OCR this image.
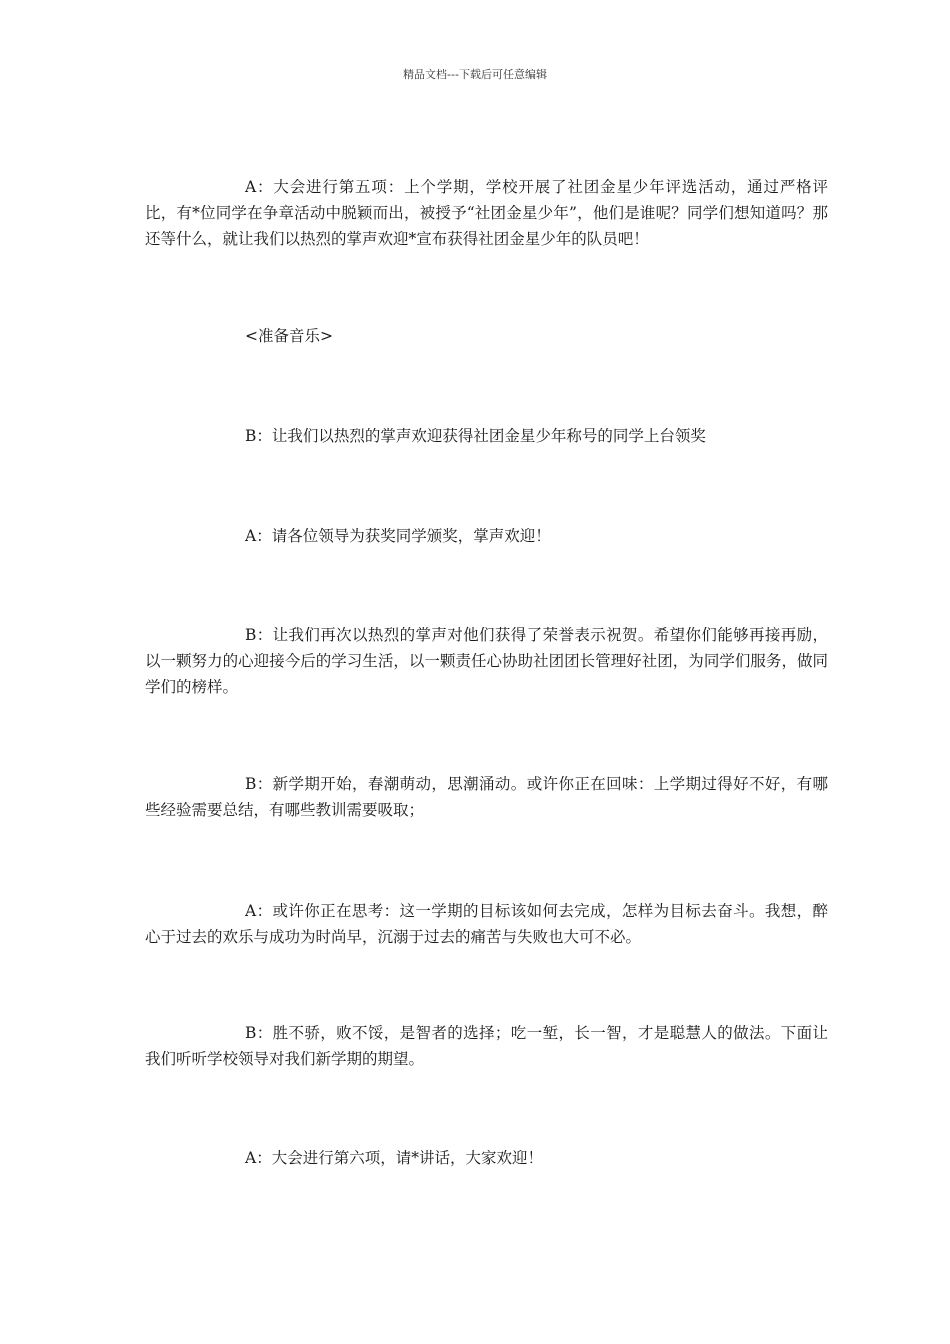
精品文档---下载后可任意编辑

A：大会进行第五项：上个学期，学校开展了社团金星少年评选活动，通过严格评比，有*位同学在争章活动中脱颖而出，被授予“社团金星少年”，他们是谁呢？同学们想知道吗？那还等什么，就让我们以热烈的掌声欢迎*宣布获得社团金星少年的队员吧！

<准备音乐>

B：让我们以热烈的掌声欢迎获得社团金星少年称号的同学上台领奖

A：请各位领导为获奖同学颁奖，掌声欢迎！

B：让我们再次以热烈的掌声对他们获得了荣誉表示祝贺。希望你们能够再接再励，以一颗努力的心迎接今后的学习生活，以一颗责任心协助社团团长管理好社团，为同学们服务，做同学们的榜样。

B：新学期开始，春潮萌动，思潮涌动。或许你正在回味：上学期过得好不好，有哪些经验需要总结，有哪些教训需要吸取；

A：或许你正在思考：这一学期的目标该如何去完成，怎样为目标去奋斗。我想，醉心于过去的欢乐与成功为时尚早，沉溺于过去的痛苦与失败也大可不必。

B：胜不骄，败不馁，是智者的选择；吃一堑，长一智，才是聪慧人的做法。下面让我们听听学校领导对我们新学期的期望。

A：大会进行第六项，请*讲话，大家欢迎！
